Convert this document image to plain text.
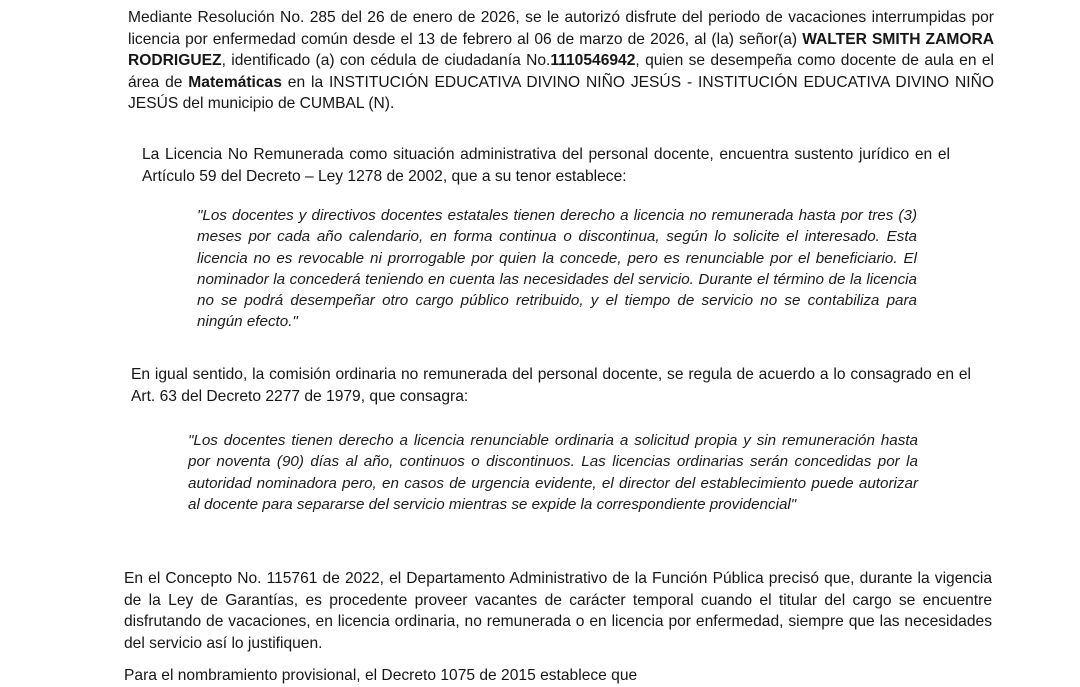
Mediante Resolución No. 285 del 26 de enero de 2026, se le autorizó disfrute del periodo de vacaciones interrumpidas por licencia por enfermedad común desde el 13 de febrero al 06 de marzo de 2026, al (la) señor(a) WALTER SMITH ZAMORA RODRIGUEZ, identificado (a) con cédula de ciudadanía No.1110546942, quien se desempeña como docente de aula en el área de Matemáticas en la INSTITUCIÓN EDUCATIVA DIVINO NIÑO JESÚS - INSTITUCIÓN EDUCATIVA DIVINO NIÑO JESÚS del municipio de CUMBAL (N).

La Licencia No Remunerada como situación administrativa del personal docente, encuentra sustento jurídico en el Artículo 59 del Decreto – Ley 1278 de 2002, que a su tenor establece:

"Los docentes y directivos docentes estatales tienen derecho a licencia no remunerada hasta por tres (3) meses por cada año calendario, en forma continua o discontinua, según lo solicite el interesado. Esta licencia no es revocable ni prorrogable por quien la concede, pero es renunciable por el beneficiario. El nominador la concederá teniendo en cuenta las necesidades del servicio. Durante el término de la licencia no se podrá desempeñar otro cargo público retribuido, y el tiempo de servicio no se contabiliza para ningún efecto."

En igual sentido, la comisión ordinaria no remunerada del personal docente, se regula de acuerdo a lo consagrado en el Art. 63 del Decreto 2277 de 1979, que consagra:

"Los docentes tienen derecho a licencia renunciable ordinaria a solicitud propia y sin remuneración hasta por noventa (90) días al año, continuos o discontinuos. Las licencias ordinarias serán concedidas por la autoridad nominadora pero, en casos de urgencia evidente, el director del establecimiento puede autorizar al docente para separarse del servicio mientras se expide la correspondiente providencial"

En el Concepto No. 115761 de 2022, el Departamento Administrativo de la Función Pública precisó que, durante la vigencia de la Ley de Garantías, es procedente proveer vacantes de carácter temporal cuando el titular del cargo se encuentre disfrutando de vacaciones, en licencia ordinaria, no remunerada o en licencia por enfermedad, siempre que las necesidades del servicio así lo justifiquen.

Para el nombramiento provisional, el Decreto 1075 de 2015 establece que
